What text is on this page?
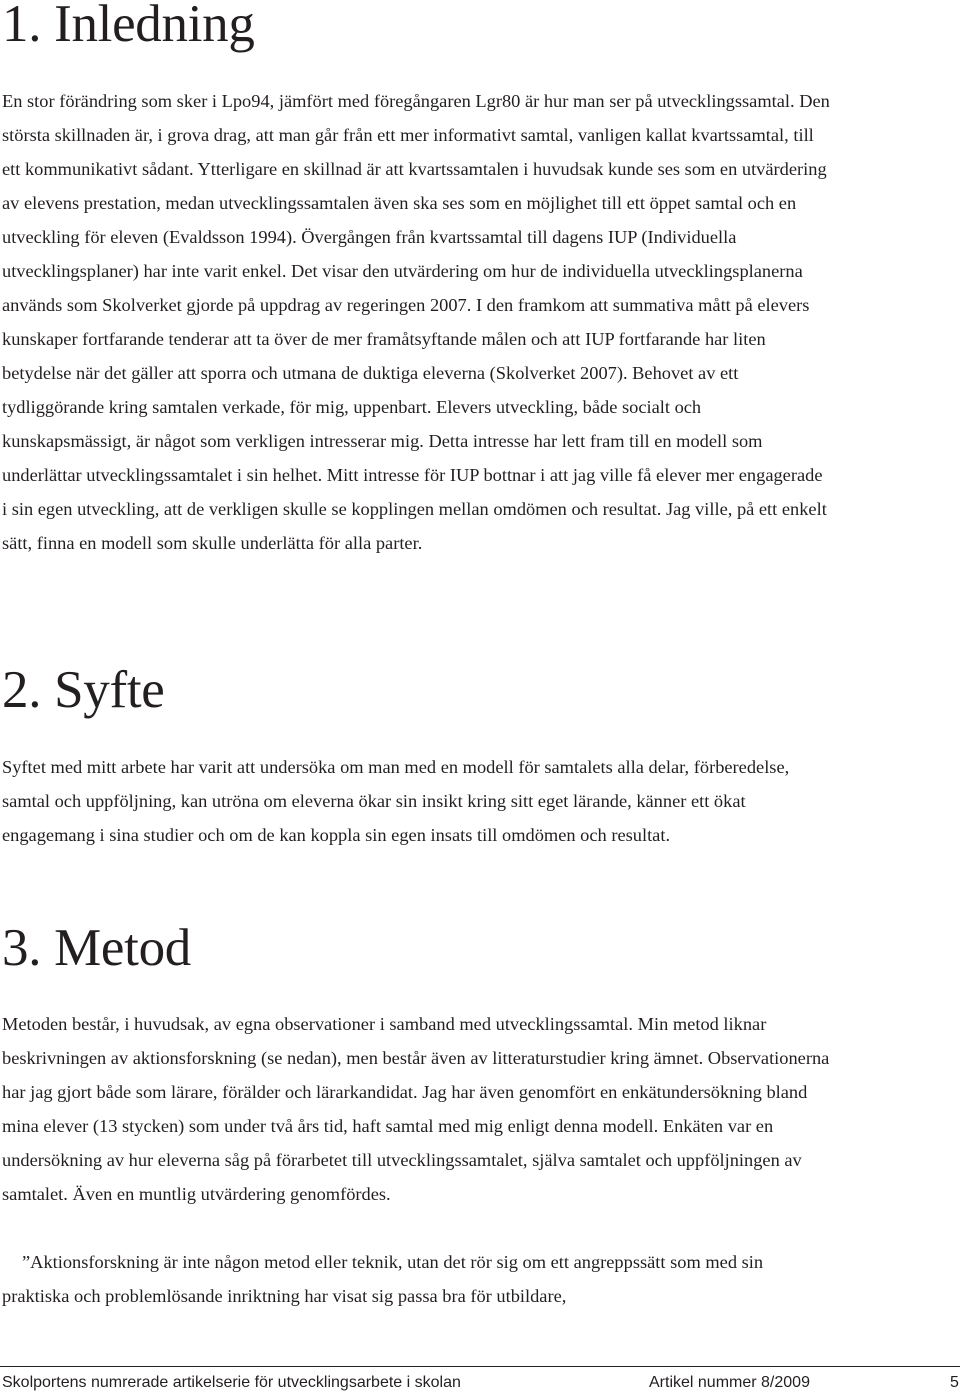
1. Inledning

En stor förändring som sker i Lpo94, jämfört med föregångaren Lgr80 är hur man ser på utvecklingssamtal. Den största skillnaden är, i grova drag, att man går från ett mer informativt samtal, vanligen kallat kvartssamtal, till ett kommunikativt sådant. Ytterligare en skillnad är att kvartssamtalen i huvudsak kunde ses som en utvärdering av elevens prestation, medan utvecklingssamtalen även ska ses som en möjlighet till ett öppet samtal och en utveckling för eleven (Evaldsson 1994). Övergången från kvartssamtal till dagens IUP (Individuella utvecklingsplaner) har inte varit enkel. Det visar den utvärdering om hur de individuella utvecklingsplanerna används som Skolverket gjorde på uppdrag av regeringen 2007. I den framkom att summativa mått på elevers kunskaper fortfarande tenderar att ta över de mer framåtsyftande målen och att IUP fortfarande har liten betydelse när det gäller att sporra och utmana de duktiga eleverna (Skolverket 2007). Behovet av ett tydliggörande kring samtalen verkade, för mig, uppenbart. Elevers utveckling, både socialt och kunskapsmässigt, är något som verkligen intresserar mig. Detta intresse har lett fram till en modell som underlättar utvecklingssamtalet i sin helhet. Mitt intresse för IUP bottnar i att jag ville få elever mer engagerade i sin egen utveckling, att de verkligen skulle se kopplingen mellan omdömen och resultat. Jag ville, på ett enkelt sätt, finna en modell som skulle underlätta för alla parter.

2. Syfte

Syftet med mitt arbete har varit att undersöka om man med en modell för samtalets alla delar, förberedelse, samtal och uppföljning, kan utröna om eleverna ökar sin insikt kring sitt eget lärande, känner ett ökat engagemang i sina studier och om de kan koppla sin egen insats till omdömen och resultat.

3. Metod

Metoden består, i huvudsak, av egna observationer i samband med utvecklingssamtal. Min metod liknar beskrivningen av aktionsforskning (se nedan), men består även av litteraturstudier kring ämnet. Observationerna har jag gjort både som lärare, förälder och lärarkandidat. Jag har även genomfört en enkätundersökning bland mina elever (13 stycken) som under två års tid, haft samtal med mig enligt denna modell. Enkäten var en undersökning av hur eleverna såg på förarbetet till utvecklingssamtalet, själva samtalet och uppföljningen av samtalet. Även en muntlig utvärdering genomfördes.

”Aktionsforskning är inte någon metod eller teknik, utan det rör sig om ett angreppssätt som med sin praktiska och problemlösande inriktning har visat sig passa bra för utbildare,

Skolportens numrerade artikelserie för utvecklingsarbete i skolan	Artikel nummer 8/2009	5
